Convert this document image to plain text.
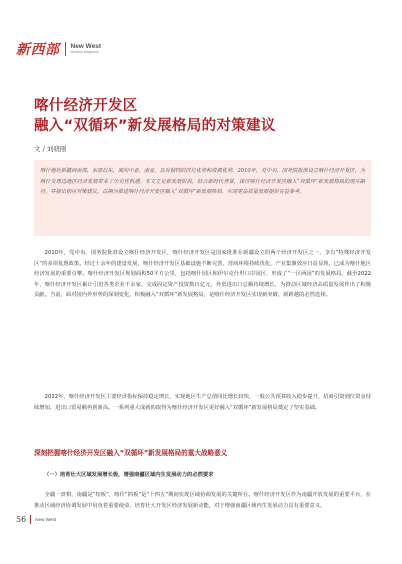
新西部 New West
Monthly Magazine
喀什经济开发区
融入“双循环”新发展格局的对策建议
文 / 刘晓刚
喀什地处新疆西南部，东部以东，面向中亚、南亚，具有独特的区位优势和资源优势。2010年，党中央、国务院批准设立喀什经济开发区，为喀什及周边地区经济发展带来了历史性机遇。本文立足新发展阶段，结合新时代背景，探讨喀什经济开发区融入“双循环”新发展格局的现实路径，并提出相应对策建议，以期为推进喀什经济开发区融入“双循环”新发展格局、实现更高质量发展提供有益参考。
2010年，党中央、国务院批准设立喀什经济开发区，喀什经济开发区是国家批准在新疆设立的两个经济开发区之一，享有“特殊经济开发区”的多项优惠政策。经过十余年的建设发展，喀什经济开发区基础设施不断完善，营商环境持续优化，产业集聚效应日益显现，已成为喀什地区经济发展的重要引擎。喀什经济开发区规划面积50平方公里，包括喀什园区和伊尔克什坦口岸园区，形成了“一区两园”的发展格局。截至2022年，喀什经济开发区累计引进各类企业千余家，完成固定资产投资数百亿元，外贸进出口总额持续增长，为推动区域经济高质量发展作出了积极贡献。当前，面对国内外形势的深刻变化，积极融入“双循环”新发展格局，是喀什经济开发区实现新突破、新跨越的必然选择。
2022年，喀什经济开发区主要经济指标保持稳定增长，实现地区生产总值同比增长较快，一般公共预算收入稳步提升，招商引资到位资金持续增加，进出口贸易额再创新高。一系列重大成就的取得为喀什经济开发区更好融入“双循环”新发展格局奠定了坚实基础。
深刻把握喀什经济开发区融入“双循环”新发展格局的重大战略意义
（一）培育壮大区域发展增长极，增强南疆区域内生发展动力的必然要求
全疆一盘棋，南疆是“短板”，喀什“抓板”是“十四五”期间实现区域协调发展的关键所在。喀什经济开发区作为南疆开放发展的重要平台，在推动区域经济协调发展中肩负着重要使命，培育壮大开发区经济发展新动能，对于增强南疆区域内生发展动力具有重要意义。
56 New West
